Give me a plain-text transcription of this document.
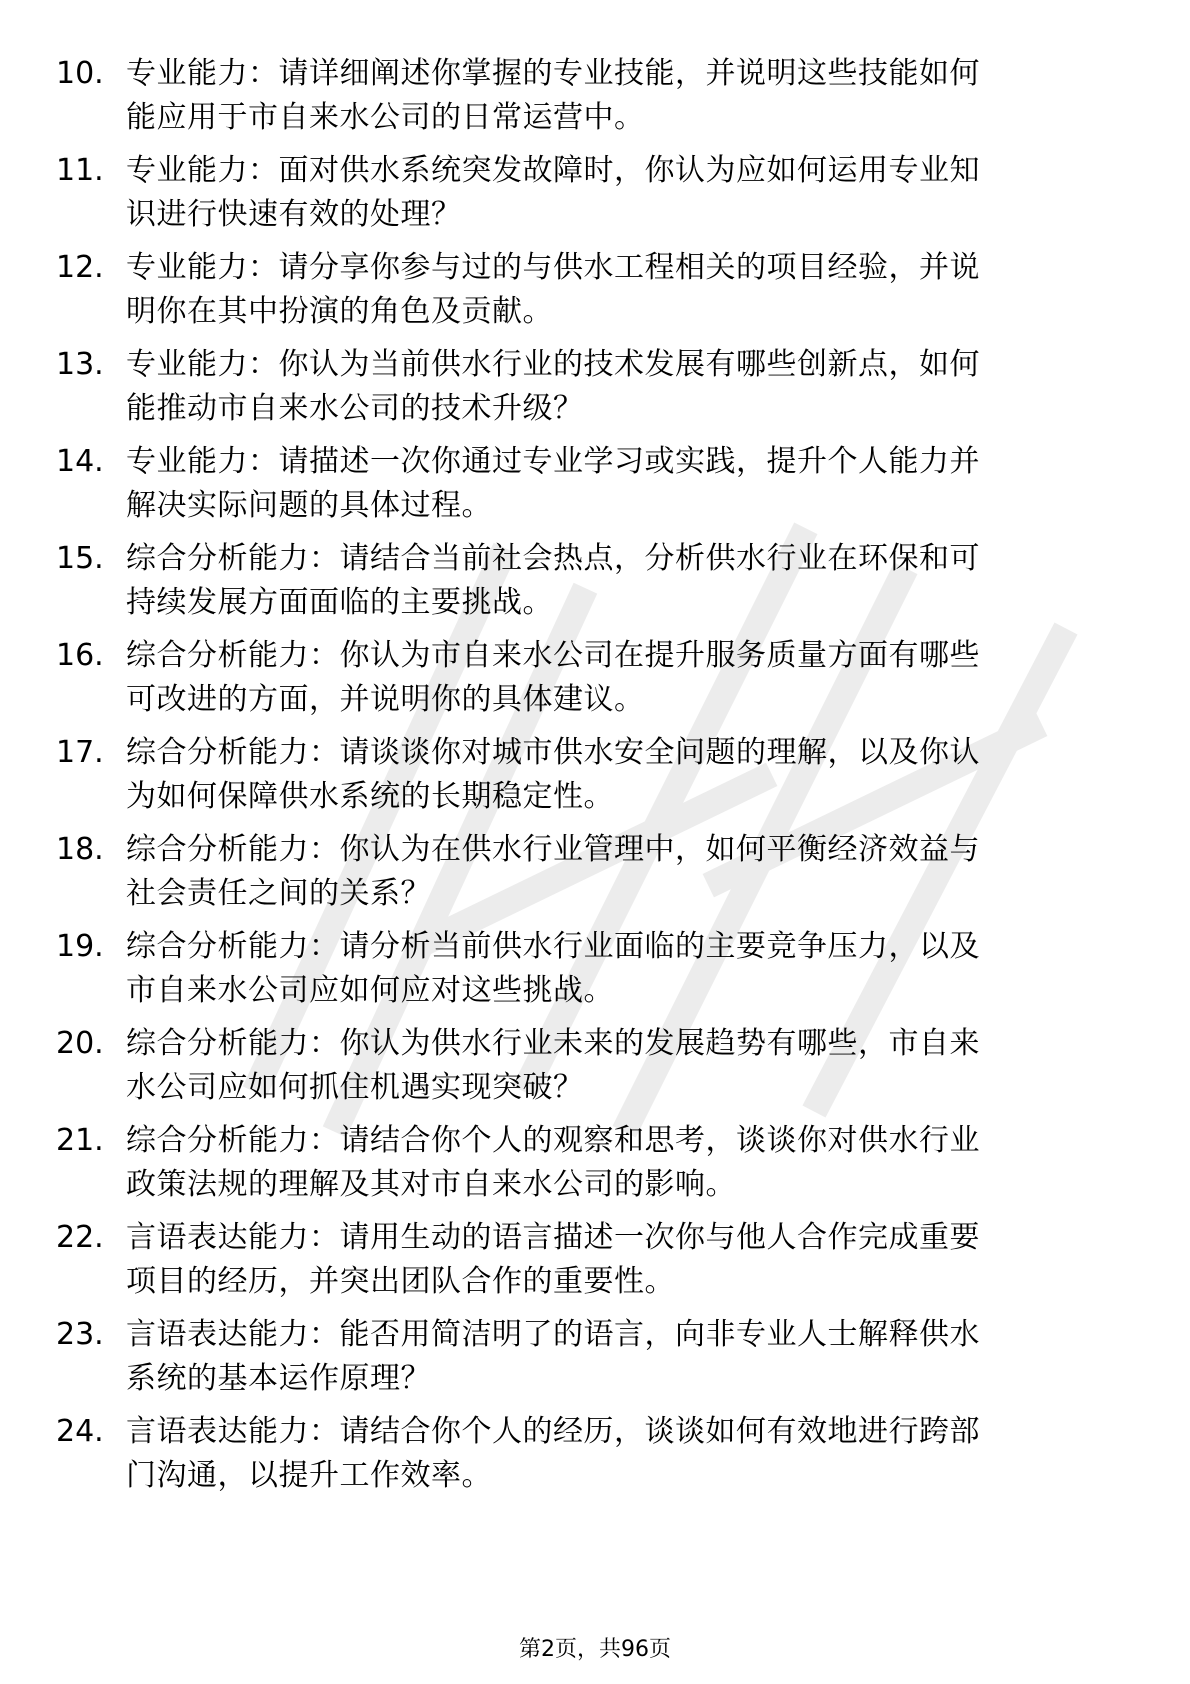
10. 专业能力：请详细阐述你掌握的专业技能，并说明这些技能如何
能应用于市自来水公司的日常运营中。
11. 专业能力：面对供水系统突发故障时，你认为应如何运用专业知
识进行快速有效的处理？
12. 专业能力：请分享你参与过的与供水工程相关的项目经验，并说
明你在其中扮演的角色及贡献。
13. 专业能力：你认为当前供水行业的技术发展有哪些创新点，如何
能推动市自来水公司的技术升级？
14. 专业能力：请描述一次你通过专业学习或实践，提升个人能力并
解决实际问题的具体过程。
15. 综合分析能力：请结合当前社会热点，分析供水行业在环保和可
持续发展方面面临的主要挑战。
16. 综合分析能力：你认为市自来水公司在提升服务质量方面有哪些
可改进的方面，并说明你的具体建议。
17. 综合分析能力：请谈谈你对城市供水安全问题的理解，以及你认
为如何保障供水系统的长期稳定性。
18. 综合分析能力：你认为在供水行业管理中，如何平衡经济效益与
社会责任之间的关系？
19. 综合分析能力：请分析当前供水行业面临的主要竞争压力，以及
市自来水公司应如何应对这些挑战。
20. 综合分析能力：你认为供水行业未来的发展趋势有哪些，市自来
水公司应如何抓住机遇实现突破？
21. 综合分析能力：请结合你个人的观察和思考，谈谈你对供水行业
政策法规的理解及其对市自来水公司的影响。
22. 言语表达能力：请用生动的语言描述一次你与他人合作完成重要
项目的经历，并突出团队合作的重要性。
23. 言语表达能力：能否用简洁明了的语言，向非专业人士解释供水
系统的基本运作原理？
24. 言语表达能力：请结合你个人的经历，谈谈如何有效地进行跨部
门沟通，以提升工作效率。
第2页，共96页
